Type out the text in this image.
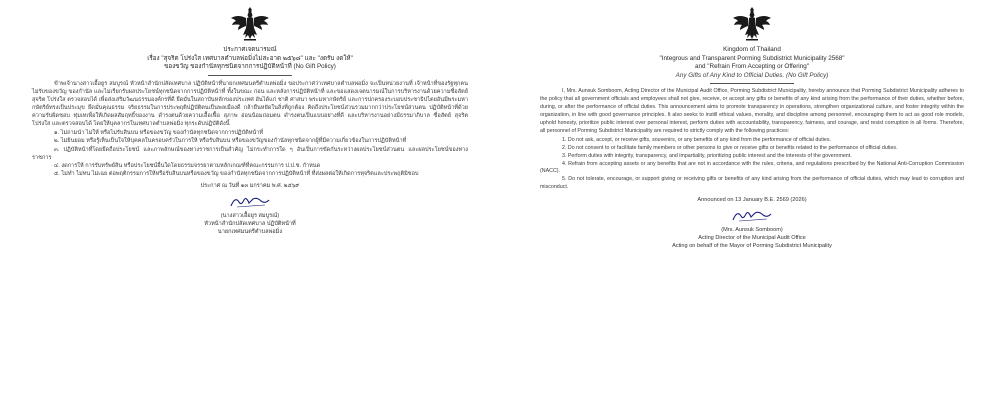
ประกาศเจตนารมณ์
เรื่อง "สุจริต โปร่งใส เทศบาลตำบลพ่อมิ่งไม่สะอาด ๒๕๖๘" และ "งดรับ งดให้"
ของขวัญ ของกำนัลทุกชนิดจากการปฏิบัติหน้าที่ (No Gift Policy)
ข้าพเจ้านางสาวเอื้อยูร สมบูรณ์ หัวหน้าสำนักปลัดเทศบาล ปฏิบัติหน้าที่นายกเทศมนตรีตำบลพ่อมิ่ง ขอประกาศว่าเทศบาลตำบลพ่อมิ่ง จะเป็นหน่วยงานที่ เจ้าหน้าที่ของรัฐทุกคนไม่รับของขวัญ ของกำนัล และไม่เรียกรับผลประโยชน์ทุกชนิดจากการปฏิบัติหน้าที่ ทั้งในขณะ ก่อน และหลังการปฏิบัติหน้าที่ และขอแสดงเจตนารมณ์ในการบริหารงานด้วยความซื่อสัตย์สุจริต โปร่งใส ตรวจสอบได้ เพื่อส่งเสริมวัฒนธรรมองค์กรที่ดี ยึดมั่นในสถาบันหลักของประเทศ อันได้แก่ ชาติ ศาสนา พระมหากษัตริย์ และการปกครองระบอบประชาธิปไตยอันมีพระมหากษัตริย์ทรงเป็นประมุข ยึดมั่นคุณธรรม จริยธรรมในการประพฤติปฏิบัติตนเป็นพลเมืองดี กล้ายืนหยัดในสิ่งที่ถูกต้อง คิดถึงประโยชน์ส่วนรวมมากกว่าประโยชน์ส่วนตน ปฏิบัติหน้าที่ด้วยความรับผิดชอบ ทุ่มเทเพื่อให้เกิดผลสัมฤทธิ์ของงาน ดำรงตนด้วยความเอื้อเฟื้อ สุภาพ อ่อนน้อมถ่อมตน ดำรงตนเป็นแบบอย่างที่ดี และบริหารงานอย่างมีธรรมาภิบาล ซื่อสัตย์ สุจริต โปร่งใส และตรวจสอบได้ โดยให้บุคลากรในเทศบาลตำบลพ่อมิ่ง ทุกระดับปฏิบัติดังนี้
๑. ไม่ถามนำ ไม่ให้ หรือไม่รับสินบน หรือของขวัญ ของกำนัลทุกชนิดจากการปฏิบัติหน้าที่
๒. ไม่ยินยอม หรือรู้เห็นเป็นใจให้บุคคลในครอบครัวในการให้ หรือรับสินบน หรือของขวัญของกำนัลทุกชนิดจากผู้ที่มีความเกี่ยวข้องในการปฏิบัติหน้าที่
๓. ปฏิบัติหน้าที่โดยยึดถือประโยชน์ และภาพลักษณ์ของทางราชการเป็นสำคัญ ไม่กระทำการใด ๆ อันเป็นการขัดกันระหว่างผลประโยชน์ส่วนตน และผลประโยชน์ของทางราชการ
๔. งดการให้ การรับทรัพย์สิน หรือประโยชน์อื่นใดโดยธรรมจรรยาตามหลักเกณฑ์ที่คณะกรรมการ ป.ป.ช. กำหนด
๕. ไม่ทำ ไม่ทน ไม่เฉย ต่อพฤติกรรมการให้หรือรับสินบนหรือของขวัญ ของกำนัลทุกชนิดจากการปฏิบัติหน้าที่ ที่ส่งผลต่อให้เกิดการทุจริตและประพฤติมิชอบ
ประกาศ ณ วันที่ ๑๓ มกราคม พ.ศ. ๒๕๖๙
(นางสาวเอื้อยูร สมบูรณ์)
หัวหน้าสำนักปลัดเทศบาล ปฏิบัติหน้าที่
นายกเทศมนตรีตำบลพ่อมิ่ง
Kingdom of Thailand
"Integrous and Transparent Porming Subdistrict Municipality 2568"
and "Refrain From Accepting or Offering"
Any Gifts of Any Kind to Official Duties. (No Gift Policy)
I, Mrs. Aunsuk Somboom, Acting Director of the Municipal Audit Office, Porming Subdistrict Municipality, hereby announce that Porming Subdistrict Municipality adheres to the policy that all government officials and employees shall not give, receive, or accept any gifts or benefits of any kind arising from the performance of their duties, whether before, during, or after the performance of official duties. This announcement aims to promote transparency in operations, strengthen organizational culture, and foster integrity within the organization, in line with good governance principles. It also seeks to instill ethical values, morality, and discipline among personnel, encouraging them to act as good role models, uphold honesty, prioritize public interest over personal interest, perform duties with accountability, transparency, fairness, and courage, and resist corruption in all forms. Therefore, all personnel of Porming Subdistrict Municipality are required to strictly comply with the following practices:
1. Do not ask, accept, or receive gifts, souvenirs, or any benefits of any kind from the performance of official duties.
2. Do not consent to or facilitate family members or other persons to give or receive gifts or benefits related to the performance of official duties.
3. Perform duties with integrity, transparency, and impartiality, prioritizing public interest and the interests of the government.
4. Refrain from accepting assets or any benefits that are not in accordance with the rules, criteria, and regulations prescribed by the National Anti-Corruption Commission (NACC).
5. Do not tolerate, encourage, or support giving or receiving gifts or benefits of any kind arising from the performance of official duties, which may lead to corruption and misconduct.
Announced on 13 January B.E. 2569 (2026)
(Mrs. Aunsuk Somboom)
Acting Director of the Municipal Audit Office
Acting on behalf of the Mayor of Porming Subdistrict Municipality
